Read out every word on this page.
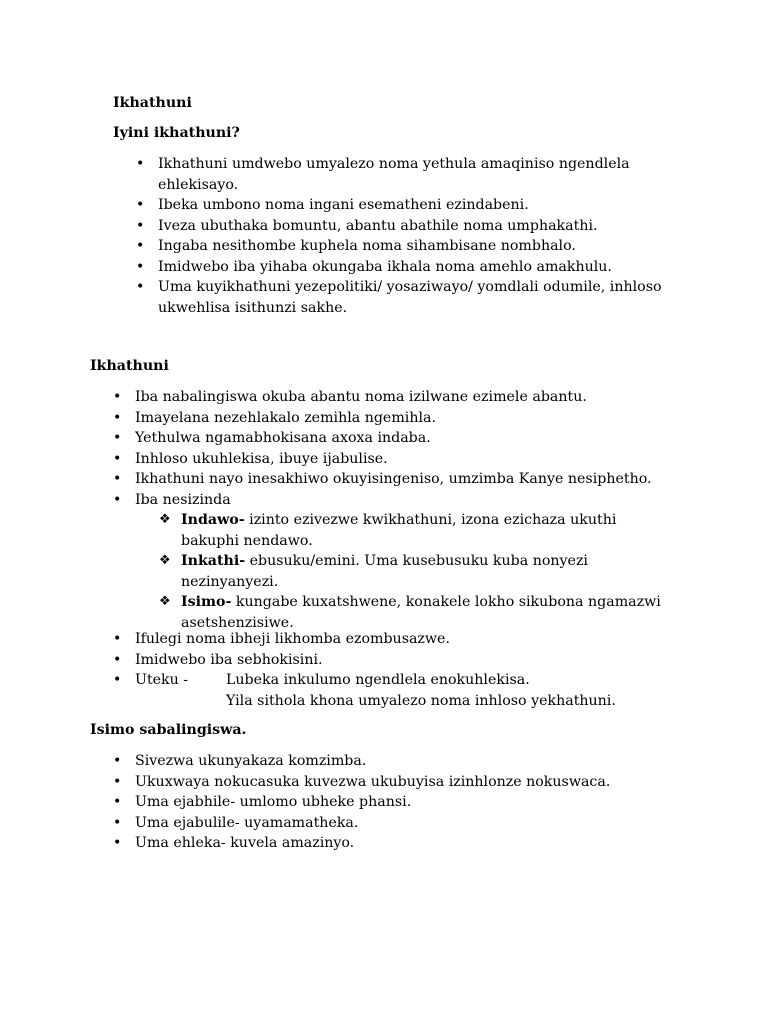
Ikhathuni

Iyini ikhathuni?

• Ikhathuni umdwebo umyalezo noma yethula amaqiniso ngendlela ehlekisayo.
• Ibeka umbono noma ingani esematheni ezindabeni.
• Iveza ubuthaka bomuntu, abantu abathile noma umphakathi.
• Ingaba nesithombe kuphela noma sihambisane nombhalo.
• Imidwebo iba yihaba okungaba ikhala noma amehlo amakhulu.
• Uma kuyikhathuni yezepolitiki/ yosaziwayo/ yomdlali odumile, inhloso ukwehlisa isithunzi sakhe.

Ikhathuni

• Iba nabalingiswa okuba abantu noma izilwane ezimele abantu.
• Imayelana nezehlakalo zemihla ngemihla.
• Yethulwa ngamabhokisana axoxa indaba.
• Inhloso ukuhlekisa, ibuye ijabulise.
• Ikhathuni nayo inesakhiwo okuyisingeniso, umzimba Kanye nesiphetho.
• Iba nesizinda
❖ Indawo- izinto ezivezwe kwikhathuni, izona ezichaza ukuthi
bakuphi nendawo.
❖ Inkathi- ebusuku/emini. Uma kusebusuku kuba nonyezi
nezinyanyezi.
❖ Isimo- kungabe kuxatshwene, konakele lokho sikubona ngamazwi
asetshenzisiwe.
• Ifulegi noma ibheji likhomba ezombusazwe.
• Imidwebo iba sebhokisini.
• Uteku -	Lubeka inkulumo ngendlela enokuhlekisa.

Yila sithola khona umyalezo noma inhloso yekhathuni.

Isimo sabalingiswa.

• Sivezwa ukunyakaza komzimba.
• Ukuxwaya nokucasuka kuvezwa ukubuyisa izinhlonze nokuswaca.
• Uma ejabhile- umlomo ubheke phansi.
• Uma ejabulile- uyamamatheka.
• Uma ehleka- kuvela amazinyo.
